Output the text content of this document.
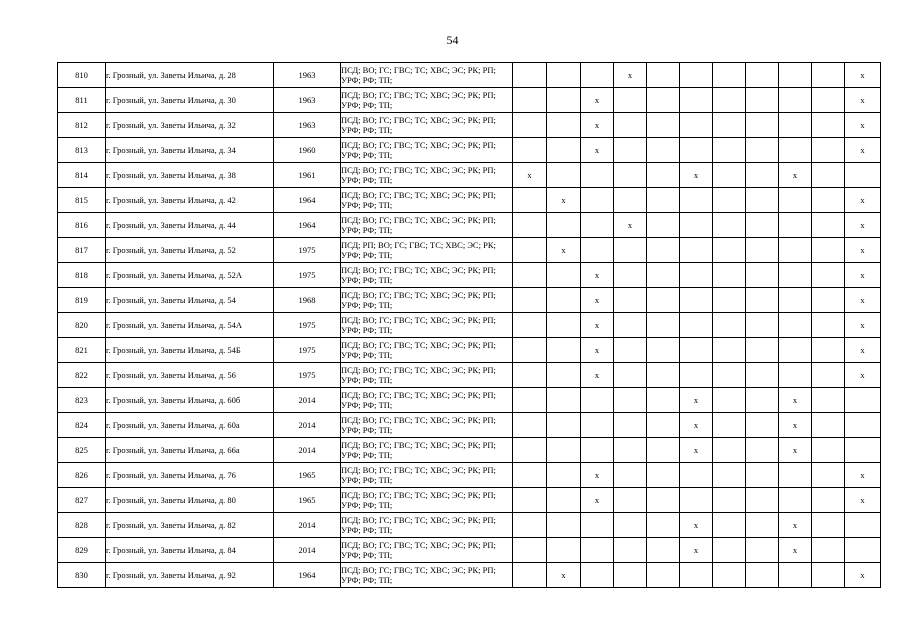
54
810	г. Грозный, ул. Заветы Ильича, д. 28	1963	ПСД; ВО; ГС; ГВС; ТС; ХВС; ЭС; РК; РП; УРФ; РФ; ТП;				x							x
811	г. Грозный, ул. Заветы Ильича, д. 30	1963	ПСД; ВО; ГС; ГВС; ТС; ХВС; ЭС; РК; РП; УРФ; РФ; ТП;			x								x
812	г. Грозный, ул. Заветы Ильича, д. 32	1963	ПСД; ВО; ГС; ГВС; ТС; ХВС; ЭС; РК; РП; УРФ; РФ; ТП;			x								x
813	г. Грозный, ул. Заветы Ильича, д. 34	1960	ПСД; ВО; ГС; ГВС; ТС; ХВС; ЭС; РК; РП; УРФ; РФ; ТП;			x								x
814	г. Грозный, ул. Заветы Ильича, д. 38	1961	ПСД; ВО; ГС; ГВС; ТС; ХВС; ЭС; РК; РП; УРФ; РФ; ТП;	x					x			x		
815	г. Грозный, ул. Заветы Ильича, д. 42	1964	ПСД; ВО; ГС; ГВС; ТС; ХВС; ЭС; РК; РП; УРФ; РФ; ТП;		x									x
816	г. Грозный, ул. Заветы Ильича, д. 44	1964	ПСД; ВО; ГС; ГВС; ТС; ХВС; ЭС; РК; РП; УРФ; РФ; ТП;				x							x
817	г. Грозный, ул. Заветы Ильича, д. 52	1975	ПСД; РП; ВО; ГС; ГВС; ТС; ХВС; ЭС; РК; УРФ; РФ; ТП;		x									x
818	г. Грозный, ул. Заветы Ильича, д. 52А	1975	ПСД; ВО; ГС; ГВС; ТС; ХВС; ЭС; РК; РП; УРФ; РФ; ТП;			x								x
819	г. Грозный, ул. Заветы Ильича, д. 54	1968	ПСД; ВО; ГС; ГВС; ТС; ХВС; ЭС; РК; РП; УРФ; РФ; ТП;			x								x
820	г. Грозный, ул. Заветы Ильича, д. 54А	1975	ПСД; ВО; ГС; ГВС; ТС; ХВС; ЭС; РК; РП; УРФ; РФ; ТП;			x								x
821	г. Грозный, ул. Заветы Ильича, д. 54Б	1975	ПСД; ВО; ГС; ГВС; ТС; ХВС; ЭС; РК; РП; УРФ; РФ; ТП;			x								x
822	г. Грозный, ул. Заветы Ильича, д. 56	1975	ПСД; ВО; ГС; ГВС; ТС; ХВС; ЭС; РК; РП; УРФ; РФ; ТП;			x								x
823	г. Грозный, ул. Заветы Ильича, д. 60б	2014	ПСД; ВО; ГС; ГВС; ТС; ХВС; ЭС; РК; РП; УРФ; РФ; ТП;						x			x		
824	г. Грозный, ул. Заветы Ильича, д. 60а	2014	ПСД; ВО; ГС; ГВС; ТС; ХВС; ЭС; РК; РП; УРФ; РФ; ТП;						x			x		
825	г. Грозный, ул. Заветы Ильича, д. 66а	2014	ПСД; ВО; ГС; ГВС; ТС; ХВС; ЭС; РК; РП; УРФ; РФ; ТП;						x			x		
826	г. Грозный, ул. Заветы Ильича, д. 76	1965	ПСД; ВО; ГС; ГВС; ТС; ХВС; ЭС; РК; РП; УРФ; РФ; ТП;			x								x
827	г. Грозный, ул. Заветы Ильича, д. 80	1965	ПСД; ВО; ГС; ГВС; ТС; ХВС; ЭС; РК; РП; УРФ; РФ; ТП;			x								x
828	г. Грозный, ул. Заветы Ильича, д. 82	2014	ПСД; ВО; ГС; ГВС; ТС; ХВС; ЭС; РК; РП; УРФ; РФ; ТП;						x			x		
829	г. Грозный, ул. Заветы Ильича, д. 84	2014	ПСД; ВО; ГС; ГВС; ТС; ХВС; ЭС; РК; РП; УРФ; РФ; ТП;						x			x		
830	г. Грозный, ул. Заветы Ильича, д. 92	1964	ПСД; ВО; ГС; ГВС; ТС; ХВС; ЭС; РК; РП; УРФ; РФ; ТП;		x									x
